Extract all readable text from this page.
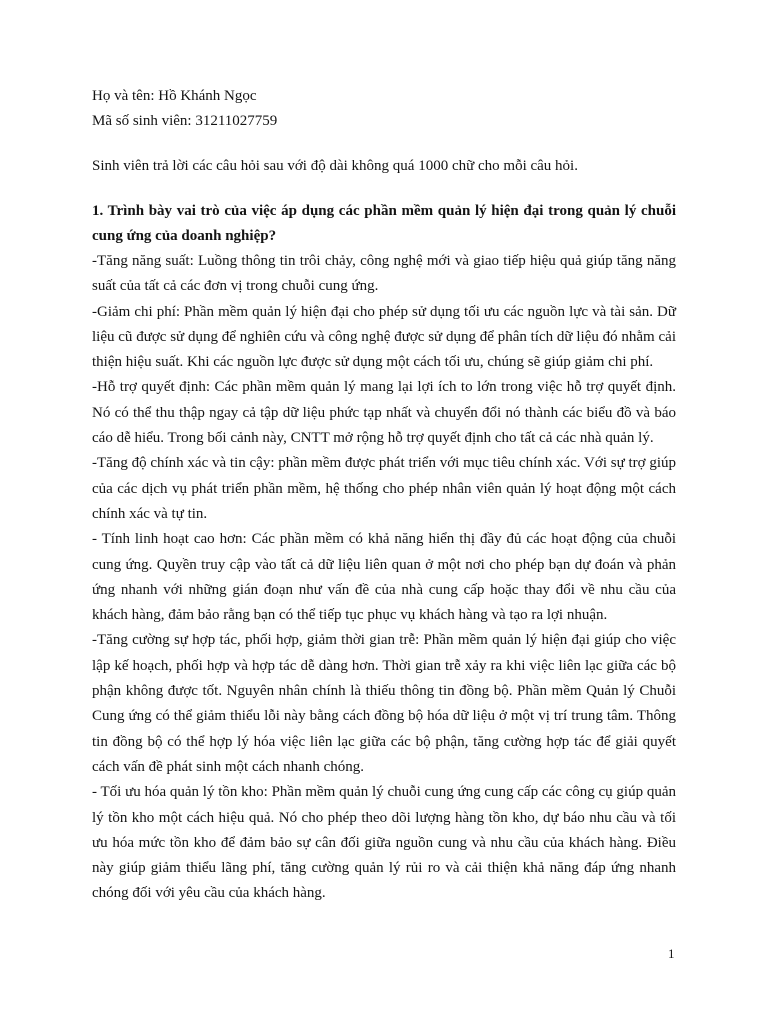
Họ và tên: Hồ Khánh Ngọc
Mã số sinh viên: 31211027759
Sinh viên trả lời các câu hỏi sau với độ dài không quá 1000 chữ cho mỗi câu hỏi.
1. Trình bày vai trò của việc áp dụng các phần mềm quản lý hiện đại trong quản lý chuỗi cung ứng của doanh nghiệp?
-Tăng năng suất: Luồng thông tin trôi chảy, công nghệ mới và giao tiếp hiệu quả giúp tăng năng suất của tất cả các đơn vị trong chuỗi cung ứng.
-Giảm chi phí: Phần mềm quản lý hiện đại cho phép sử dụng tối ưu các nguồn lực và tài sản. Dữ liệu cũ được sử dụng để nghiên cứu và công nghệ được sử dụng để phân tích dữ liệu đó nhằm cải thiện hiệu suất. Khi các nguồn lực được sử dụng một cách tối ưu, chúng sẽ giúp giảm chi phí.
-Hỗ trợ quyết định: Các phần mềm quản lý mang lại lợi ích to lớn trong việc hỗ trợ quyết định. Nó có thể thu thập ngay cả tập dữ liệu phức tạp nhất và chuyển đổi nó thành các biểu đồ và báo cáo dễ hiểu. Trong bối cảnh này, CNTT mở rộng hỗ trợ quyết định cho tất cả các nhà quản lý.
-Tăng độ chính xác và tin cậy: phần mềm được phát triển với mục tiêu chính xác. Với sự trợ giúp của các dịch vụ phát triển phần mềm, hệ thống cho phép nhân viên quản lý hoạt động một cách chính xác và tự tin.
- Tính linh hoạt cao hơn: Các phần mềm có khả năng hiển thị đầy đủ các hoạt động của chuỗi cung ứng. Quyền truy cập vào tất cả dữ liệu liên quan ở một nơi cho phép bạn dự đoán và phản ứng nhanh với những gián đoạn như vấn đề của nhà cung cấp hoặc thay đổi về nhu cầu của khách hàng, đảm bảo rằng bạn có thể tiếp tục phục vụ khách hàng và tạo ra lợi nhuận.
-Tăng cường sự hợp tác, phối hợp, giảm thời gian trễ: Phần mềm quản lý hiện đại giúp cho việc lập kế hoạch, phối hợp và hợp tác dễ dàng hơn. Thời gian trễ xảy ra khi việc liên lạc giữa các bộ phận không được tốt. Nguyên nhân chính là thiếu thông tin đồng bộ. Phần mềm Quản lý Chuỗi Cung ứng có thể giảm thiểu lỗi này bằng cách đồng bộ hóa dữ liệu ở một vị trí trung tâm. Thông tin đồng bộ có thể hợp lý hóa việc liên lạc giữa các bộ phận, tăng cường hợp tác để giải quyết cách vấn đề phát sinh một cách nhanh chóng.
- Tối ưu hóa quản lý tồn kho: Phần mềm quản lý chuỗi cung ứng cung cấp các công cụ giúp quản lý tồn kho một cách hiệu quả. Nó cho phép theo dõi lượng hàng tồn kho, dự báo nhu cầu và tối ưu hóa mức tồn kho để đảm bảo sự cân đối giữa nguồn cung và nhu cầu của khách hàng. Điều này giúp giảm thiểu lãng phí, tăng cường quản lý rủi ro và cải thiện khả năng đáp ứng nhanh chóng đối với yêu cầu của khách hàng.
1
